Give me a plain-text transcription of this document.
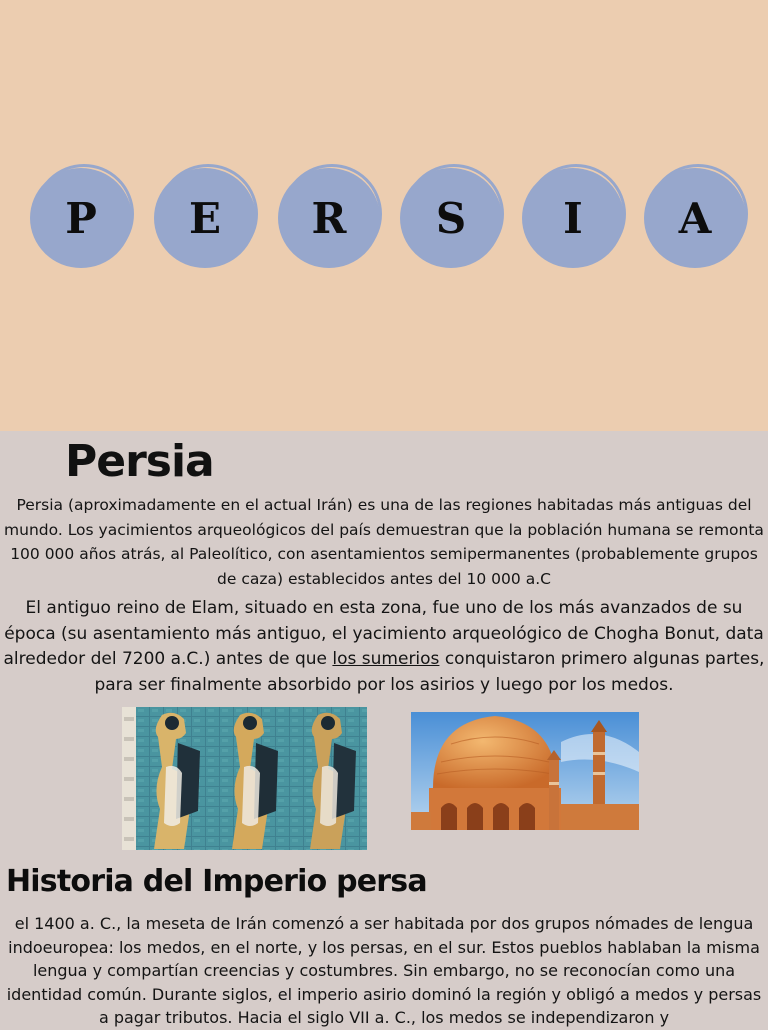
P	E	R	S	I	A
Persia

Persia (aproximadamente en el actual Irán) es una de las regiones habitadas más antiguas del mundo. Los yacimientos arqueológicos del país demuestran que la población humana se remonta 100 000 años atrás, al Paleolítico, con asentamientos semipermanentes (probablemente grupos de caza) establecidos antes del 10 000 a.C

El antiguo reino de Elam, situado en esta zona, fue uno de los más avanzados de su época (su asentamiento más antiguo, el yacimiento arqueológico de Chogha Bonut, data alrededor del 7200 a.C.) antes de que los sumerios conquistaron primero algunas partes, para ser finalmente absorbido por los asirios y luego por los medos.

Historia del Imperio persa

el 1400 a. C., la meseta de Irán comenzó a ser habitada por dos grupos nómades de lengua indoeuropea: los medos, en el norte, y los persas, en el sur. Estos pueblos hablaban la misma lengua y compartían creencias y costumbres. Sin embargo, no se reconocían como una identidad común. Durante siglos, el imperio asirio dominó la región y obligó a medos y persas a pagar tributos. Hacia el siglo VII a. C., los medos se independizaron y
